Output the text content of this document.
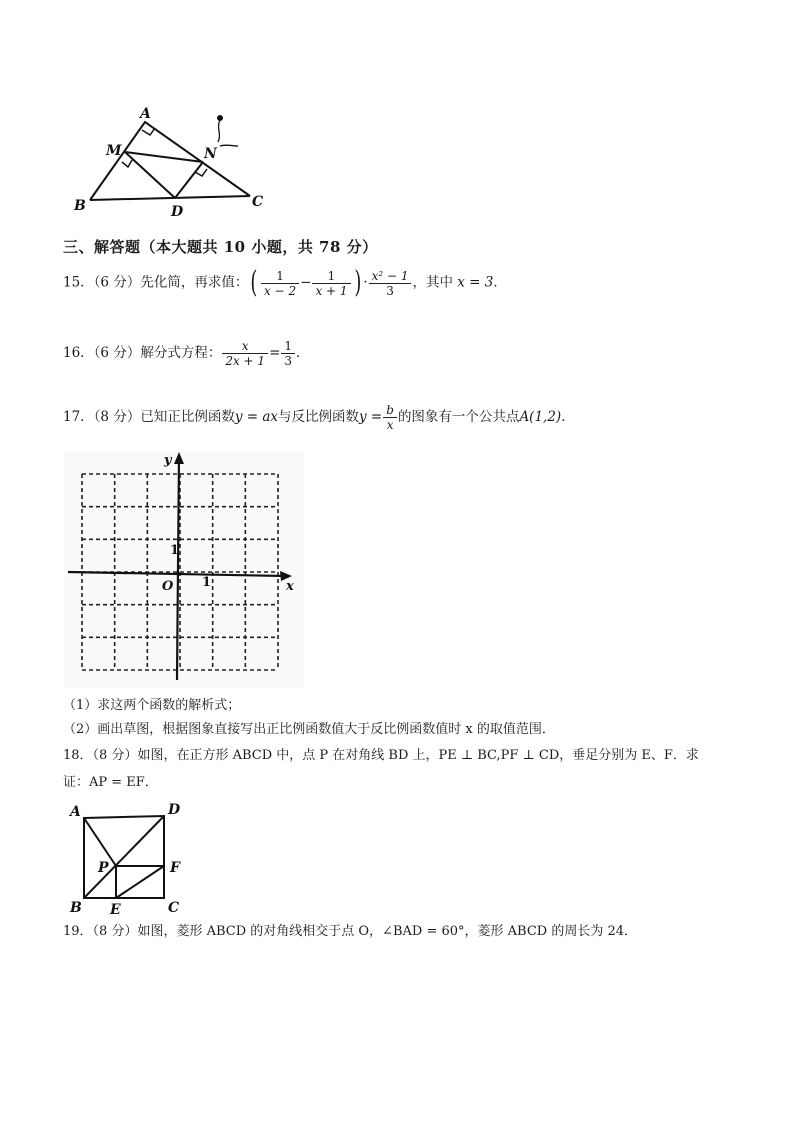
A
M	N
B	D
C
三、解答题（本大题共 10 小题，共 78 分）
15．（6 分）先化简，再求值：( $\frac{1}{x - 2} - \frac{1}{x + 1}$ ) · $\frac{\text{x² − 1}}{3}$ ，其中 x = 3．
16．（6 分）解分式方程： $\frac{x}{2x + 1} = \frac{1}{3}$ ．
17．（8 分）已知正比例函数y = ax与反比例函数$y = \frac{b}{x}$ 的图象有一个公共点A(1,2)．
y
x
O
1
1
（1）求这两个函数的解析式；
（2）画出草图，根据图象直接写出正比例函数值大于反比例函数值时 x 的取值范围．
18．（8 分）如图，在正方形 ABCD 中，点 P 在对角线 BD 上，PE ⊥ BC,PF ⊥ CD，垂足分别为 E、F．求
证：AP = EF．
A	D
P	F
B E	C
19．（8 分）如图，菱形 ABCD 的对角线相交于点 O，∠BAD = 60°，菱形 ABCD 的周长为 24．
